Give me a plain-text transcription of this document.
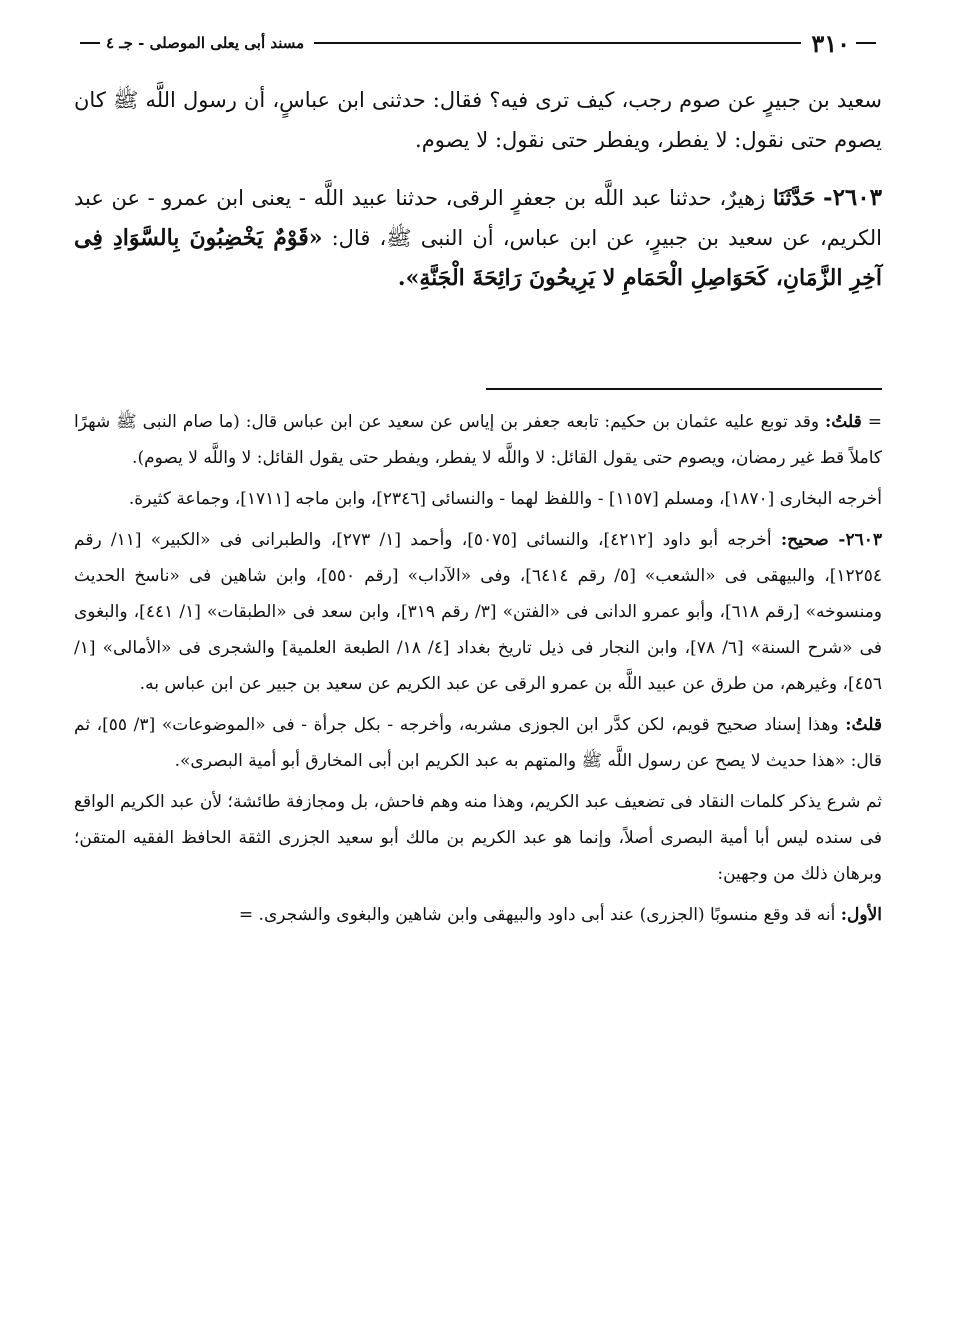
مسند أبى يعلى الموصلى - جـ ٤	٣١٠

سعيد بن جبيرٍ عن صوم رجب، كيف ترى فيه؟ فقال: حدثنى ابن عباسٍ، أن رسول اللَّه ﷺ كان يصوم حتى نقول: لا يفطر، ويفطر حتى نقول: لا يصوم.

٢٦٠٣- حَدَّثَنَا زهيرٌ، حدثنا عبد اللَّه بن جعفرٍ الرقى، حدثنا عبيد اللَّه - يعنى ابن عمرو - عن عبد الكريم، عن سعيد بن جبيرٍ، عن ابن عباس، أن النبى ﷺ، قال: «قَوْمٌ يَخْضِبُونَ بِالسَّوَادِ فِى آخِرِ الزَّمَانِ، كَحَوَاصِلِ الْحَمَامِ لا يَرِيحُونَ رَائِحَةَ الْجَنَّةِ».

=قلتُ: وقد توبع عليه عثمان بن حكيم: تابعه جعفر بن إياس عن سعيد عن ابن عباس قال: (ما صام النبى ﷺ شهرًا كاملاً قط غير رمضان، ويصوم حتى يقول القائل: لا واللَّه لا يفطر، ويفطر حتى يقول القائل: لا واللَّه لا يصوم).

أخرجه البخارى [١٨٧٠]، ومسلم [١١٥٧] - واللفظ لهما - والنسائى [٢٣٤٦]، وابن ماجه [١٧١١]، وجماعة كثيرة.

٢٦٠٣- صحيح: أخرجه أبو داود [٤٢١٢]، والنسائى [٥٠٧٥]، وأحمد [١/ ٢٧٣]، والطبرانى فى «الكبير» [١١/ رقم ١٢٢٥٤]، والبيهقى فى «الشعب» [٥/ رقم ٦٤١٤]، وفى «الآداب» [رقم ٥٥٠]، وابن شاهين فى «ناسخ الحديث ومنسوخه» [رقم ٦١٨]، وأبو عمرو الدانى فى «الفتن» [٣/ رقم ٣١٩]، وابن سعد فى «الطبقات» [١/ ٤٤١]، والبغوى فى «شرح السنة» [٦/ ٧٨]، وابن النجار فى ذيل تاريخ بغداد [٤/ ١٨/ الطبعة العلمية] والشجرى فى «الأمالى» [١/ ٤٥٦]، وغيرهم، من طرق عن عبيد اللَّه بن عمرو الرقى عن عبد الكريم عن سعيد بن جبير عن ابن عباس به.

قلتُ: وهذا إسناد صحيح قويم، لكن كدَّر ابن الجوزى مشربه، وأخرجه - بكل جرأة - فى «الموضوعات» [٣/ ٥٥]، ثم قال: «هذا حديث لا يصح عن رسول اللَّه ﷺ والمتهم به عبد الكريم ابن أبى المخارق أبو أمية البصرى».

ثم شرع يذكر كلمات النقاد فى تضعيف عبد الكريم، وهذا منه وهم فاحش، بل ومجازفة طائشة؛ لأن عبد الكريم الواقع فى سنده ليس أبا أمية البصرى أصلاً، وإنما هو عبد الكريم بن مالك أبو سعيد الجزرى الثقة الحافظ الفقيه المتقن؛ وبرهان ذلك من وجهين:

الأول: أنه قد وقع منسوبًا (الجزرى) عند أبى داود والبيهقى وابن شاهين والبغوى والشجرى. =
